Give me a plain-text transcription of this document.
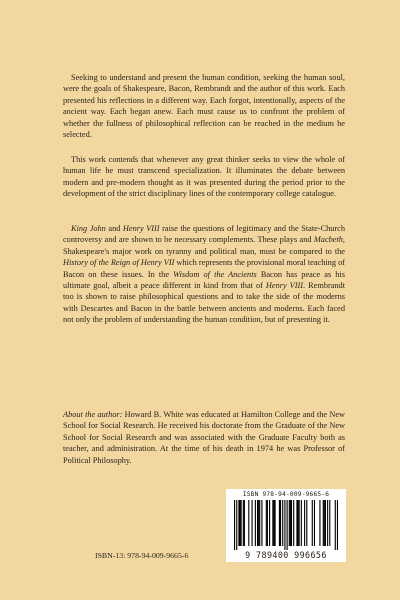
Seeking to understand and present the human condition, seeking the human soul, were the goals of Shakespeare, Bacon, Rembrandt and the author of this work. Each presented his reflections in a different way. Each forgot, intentionally, aspects of the ancient way. Each began anew. Each must cause us to confront the problem of whether the fullness of philosophical reflection can be reached in the medium he selected.

This work contends that whenever any great thinker seeks to view the whole of human life he must transcend specialization. It illuminates the debate between modern and pre-modern thought as it was presented during the period prior to the development of the strict disciplinary lines of the contemporary college catalogue.

King John and Henry VIII raise the questions of legitimacy and the State-Church controversy and are shown to be necessary complements. These plays and Macbeth, Shakespeare's major work on tyranny and political man, must be compared to the History of the Reign of Henry VII which represents the provisional moral teaching of Bacon on these issues. In the Wisdom of the Ancients Bacon has peace as his ultimate goal, albeit a peace different in kind from that of Henry VIII. Rembrandt too is shown to raise philosophical questions and to take the side of the moderns with Descartes and Bacon in the battle between ancients and moderns. Each faced not only the problem of understanding the human condition, but of presenting it.

About the author: Howard B. White was educated at Hamilton College and the New School for Social Research. He received his doctorate from the Graduate of the New School for Social Research and was associated with the Graduate Faculty both as teacher, and administration. At the time of his death in 1974 he was Professor of Political Philosophy.

ISBN 978-94-009-9665-6
9 789400 996656
ISBN-13: 978-94-009-9665-6
